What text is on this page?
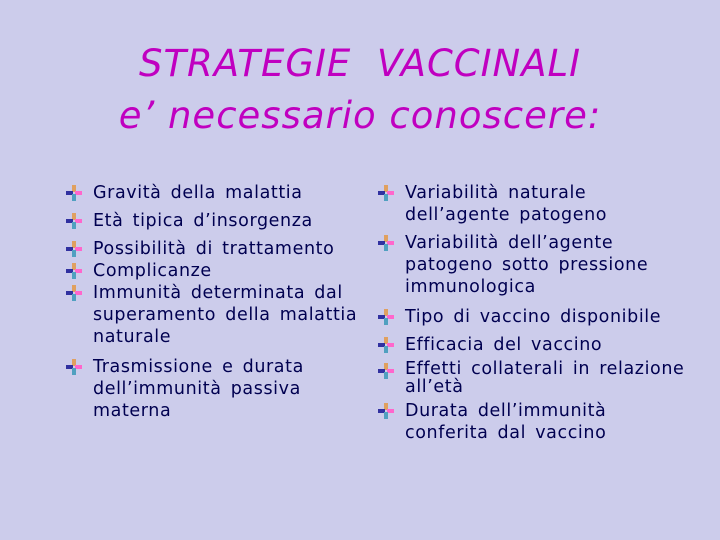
STRATEGIE  VACCINALI
e’ necessario conoscere:
Gravità della malattia
Età tipica d’insorgenza
Possibilità di trattamento
Complicanze
Immunità determinata dal superamento della malattia naturale
Trasmissione e durata dell’immunità passiva materna
Variabilità naturale dell’agente patogeno
Variabilità dell’agente patogeno sotto pressione immunologica
Tipo di vaccino disponibile
Efficacia del vaccino
Effetti collaterali in relazione all’età
Durata dell’immunità conferita dal vaccino
